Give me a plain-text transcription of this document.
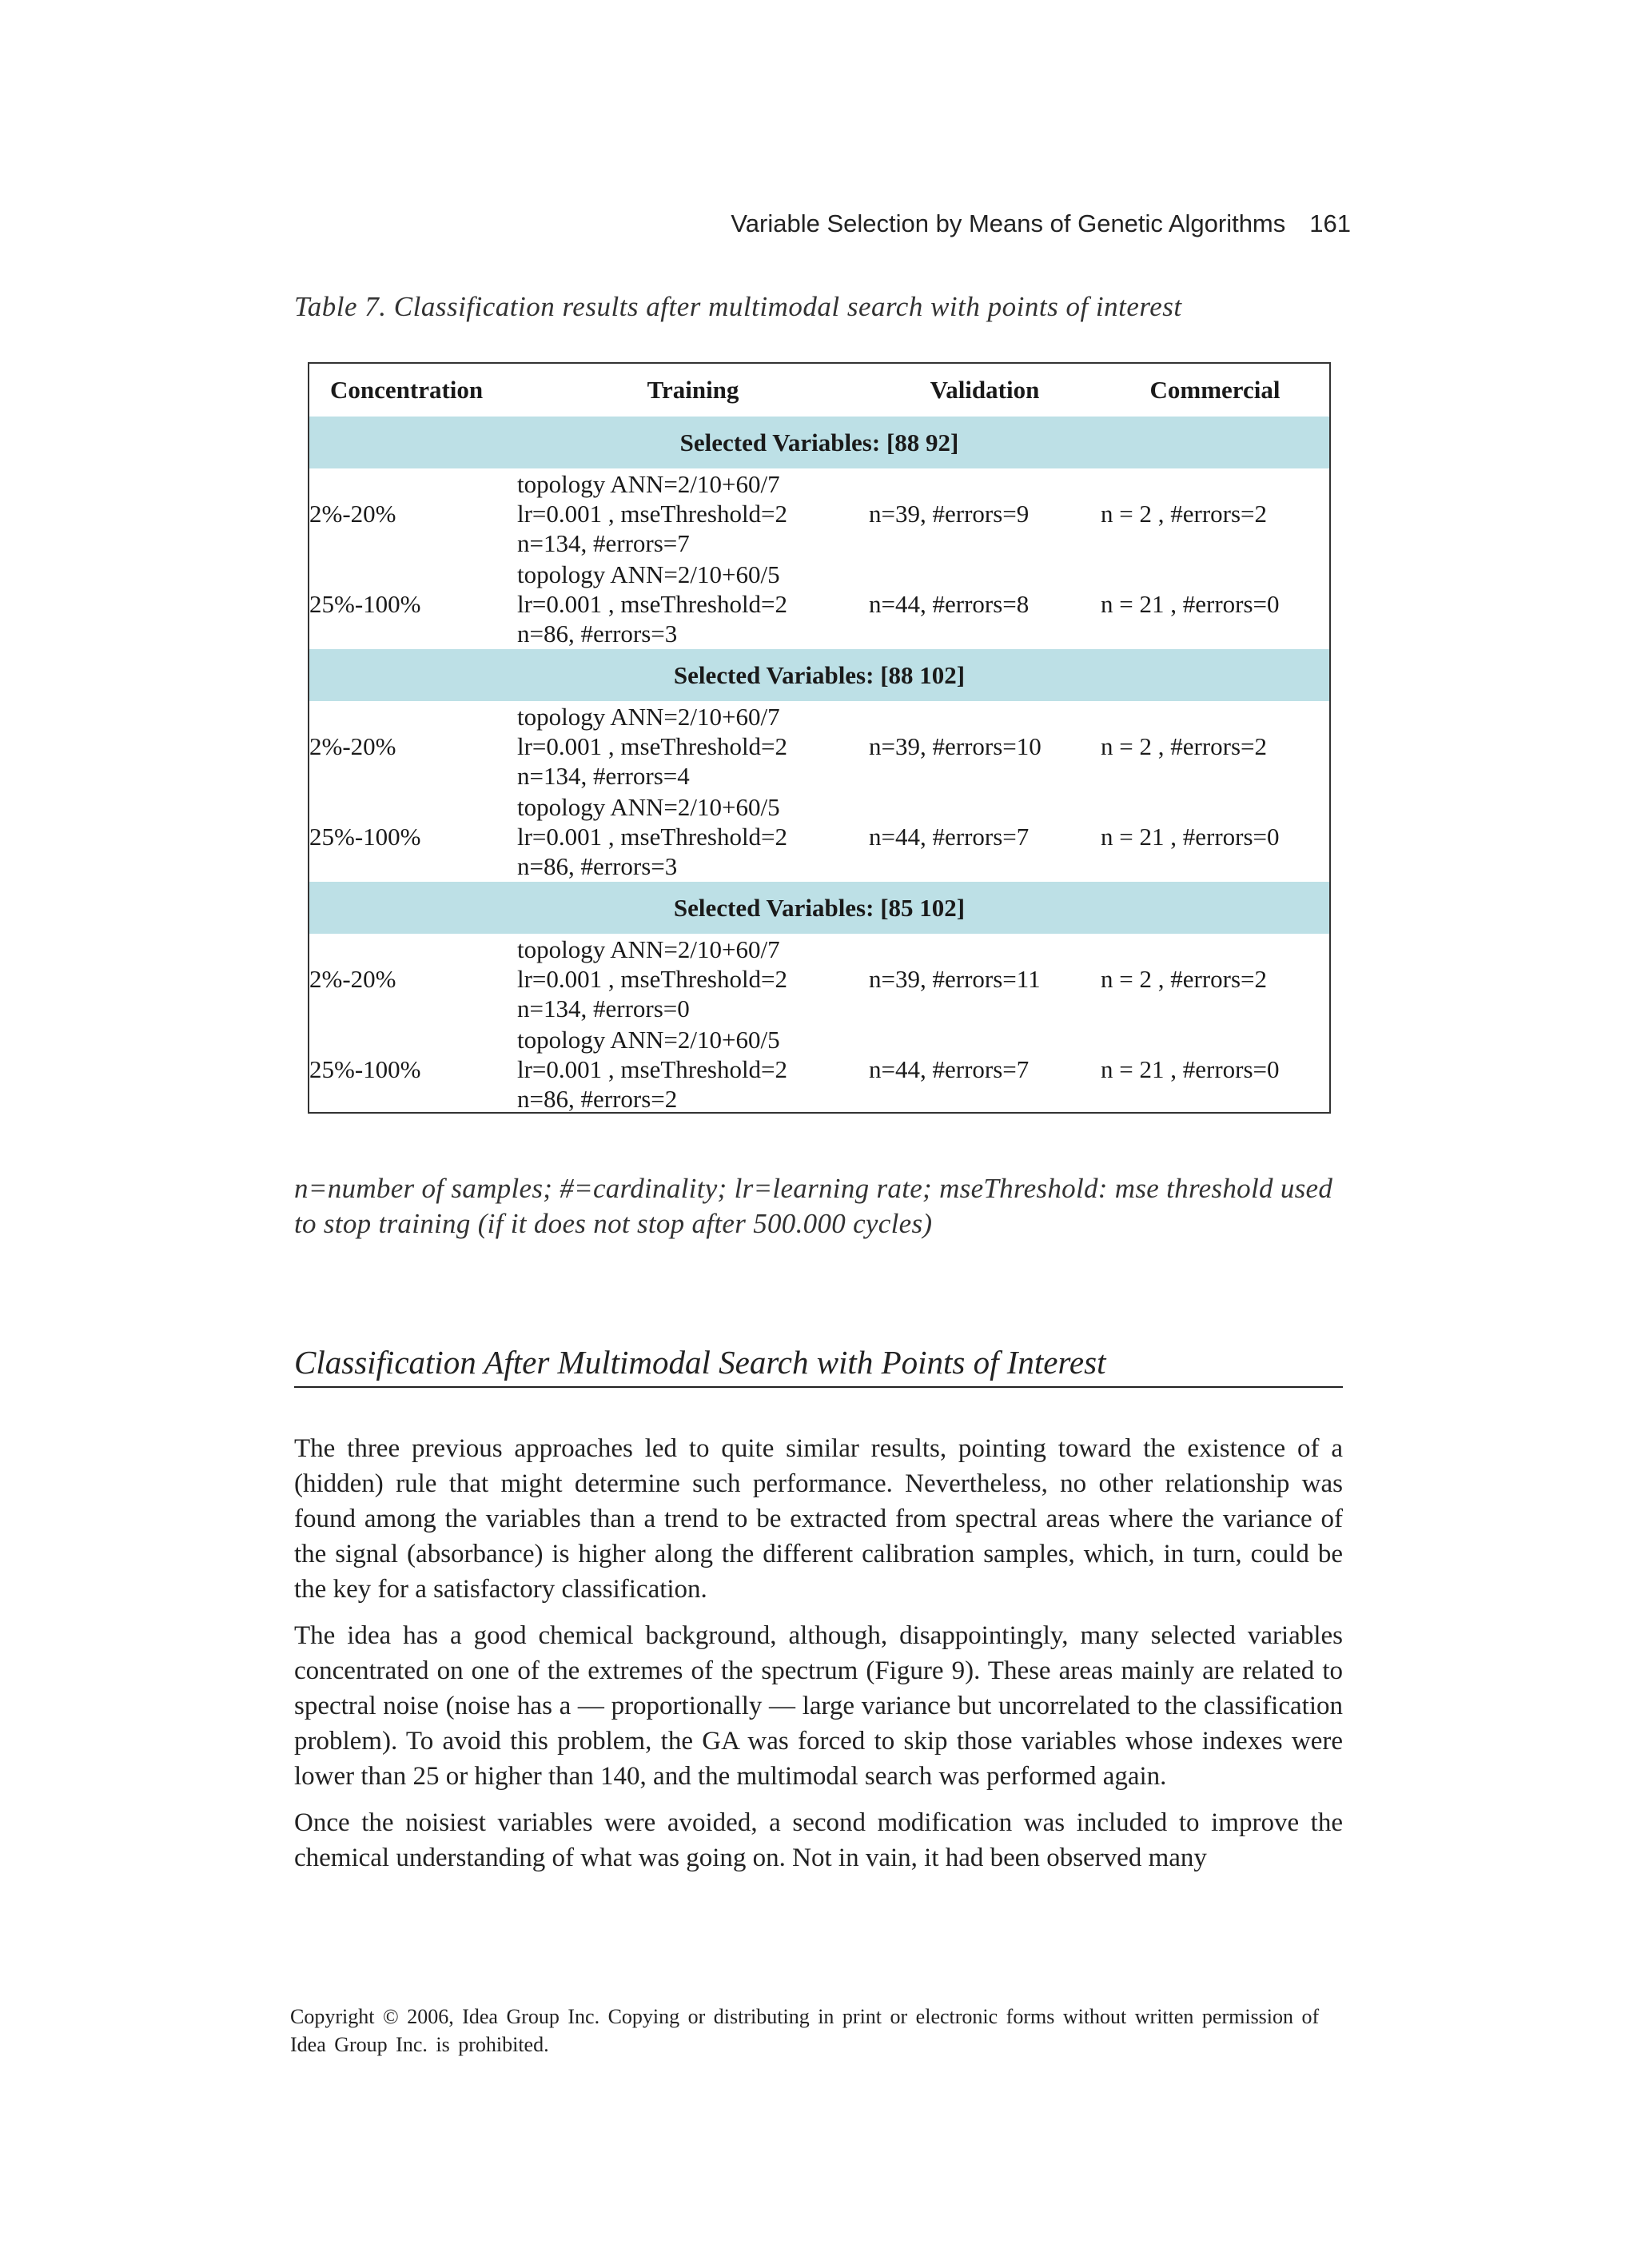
Variable Selection by Means of Genetic Algorithms 161
Table 7. Classification results after multimodal search with points of interest
Concentration	Training	Validation	Commercial
Selected Variables: [88 92]			
2%-20%	topology ANN=2/10+60/7
lr=0.001 , mseThreshold=2
n=134, #errors=7	n=39, #errors=9	n = 2 , #errors=2
25%-100%	topology ANN=2/10+60/5
lr=0.001 , mseThreshold=2
n=86, #errors=3	n=44, #errors=8	n = 21 , #errors=0
Selected Variables: [88 102]			
2%-20%	topology ANN=2/10+60/7
lr=0.001 , mseThreshold=2
n=134, #errors=4	n=39, #errors=10	n = 2 , #errors=2
25%-100%	topology ANN=2/10+60/5
lr=0.001 , mseThreshold=2
n=86, #errors=3	n=44, #errors=7	n = 21 , #errors=0
Selected Variables: [85 102]			
2%-20%	topology ANN=2/10+60/7
lr=0.001 , mseThreshold=2
n=134, #errors=0	n=39, #errors=11	n = 2 , #errors=2
25%-100%	topology ANN=2/10+60/5
lr=0.001 , mseThreshold=2
n=86, #errors=2	n=44, #errors=7	n = 21 , #errors=0
n=number of samples; #=cardinality; lr=learning rate; mseThreshold: mse threshold used to stop training (if it does not stop after 500.000 cycles)
Classification After Multimodal Search with Points of Interest

The three previous approaches led to quite similar results, pointing toward the existence of a (hidden) rule that might determine such performance. Nevertheless, no other relationship was found among the variables than a trend to be extracted from spectral areas where the variance of the signal (absorbance) is higher along the different calibration samples, which, in turn, could be the key for a satisfactory classification.

The idea has a good chemical background, although, disappointingly, many selected variables concentrated on one of the extremes of the spectrum (Figure 9). These areas mainly are related to spectral noise (noise has a — proportionally — large variance but uncorrelated to the classification problem). To avoid this problem, the GA was forced to skip those variables whose indexes were lower than 25 or higher than 140, and the multimodal search was performed again.

Once the noisiest variables were avoided, a second modification was included to improve the chemical understanding of what was going on. Not in vain, it had been observed many

Copyright © 2006, Idea Group Inc. Copying or distributing in print or electronic forms without written permission of Idea Group Inc. is prohibited.
